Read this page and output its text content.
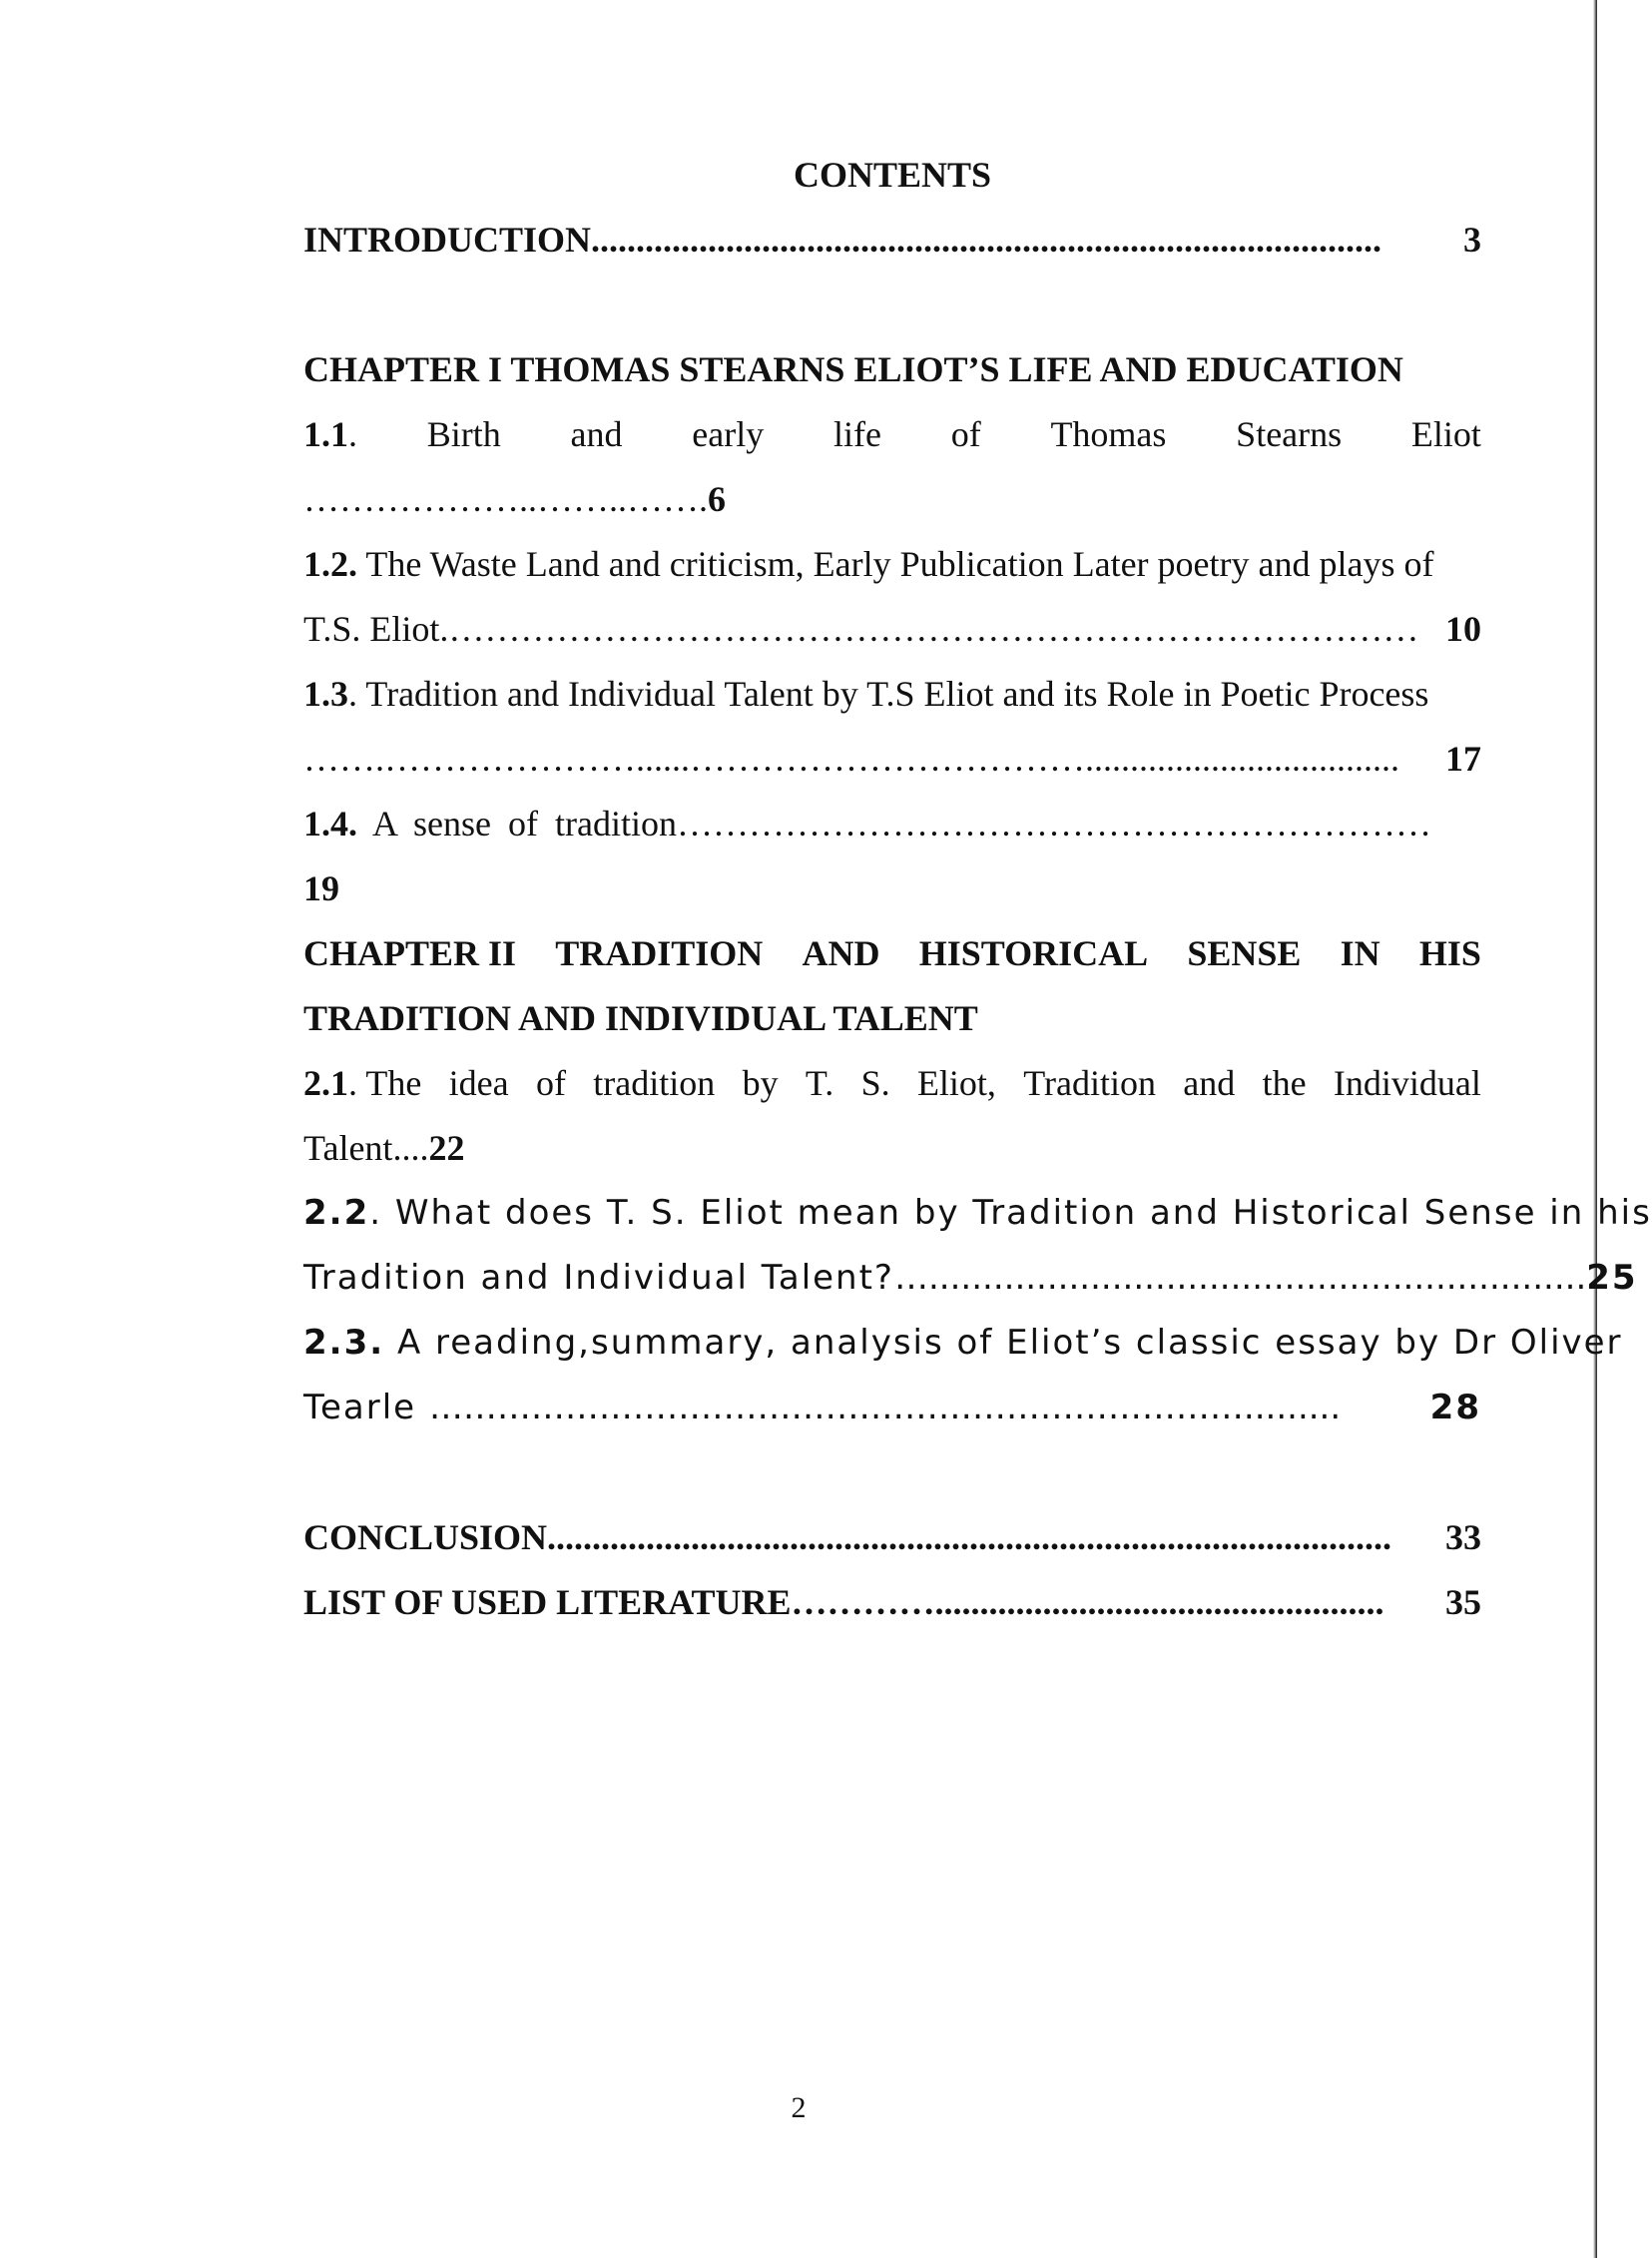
CONTENTS
INTRODUCTION ........................................................................................	3
CHAPTER I THOMAS STEARNS ELIOT’S LIFE AND EDUCATION
1.1. Birth and early life of Thomas Stearns Eliot
………………..……..…….6
1.2. The Waste Land and criticism, Early Publication Later poetry and plays of
T.S. Eliot. ……………………………………………………………………… 10
1.3. Tradition and Individual Talent by T.S Eliot and its Role in Poetic Process
…….…………………......……………………………...................................	17
1.4.
A sense of tradition ………………………………………………………
19
CHAPTER II TRADITION AND HISTORICAL SENSE IN HIS
TRADITION AND INDIVIDUAL TALENT
2.1. The idea of tradition by T. S. Eliot, Tradition and the Individual
Talent....22
2.2. What does T. S. Eliot mean by Tradition and Historical Sense in his
Tradition and Individual Talent? …............................................................. 25
2.3. A reading,summary, analysis of Eliot’s classic essay by Dr Oliver
Tearle
……………………………………………………………….........	28
CONCLUSION ..............................................................................................	33
LIST OF USED LITERATURE …………..................................................	35
2
